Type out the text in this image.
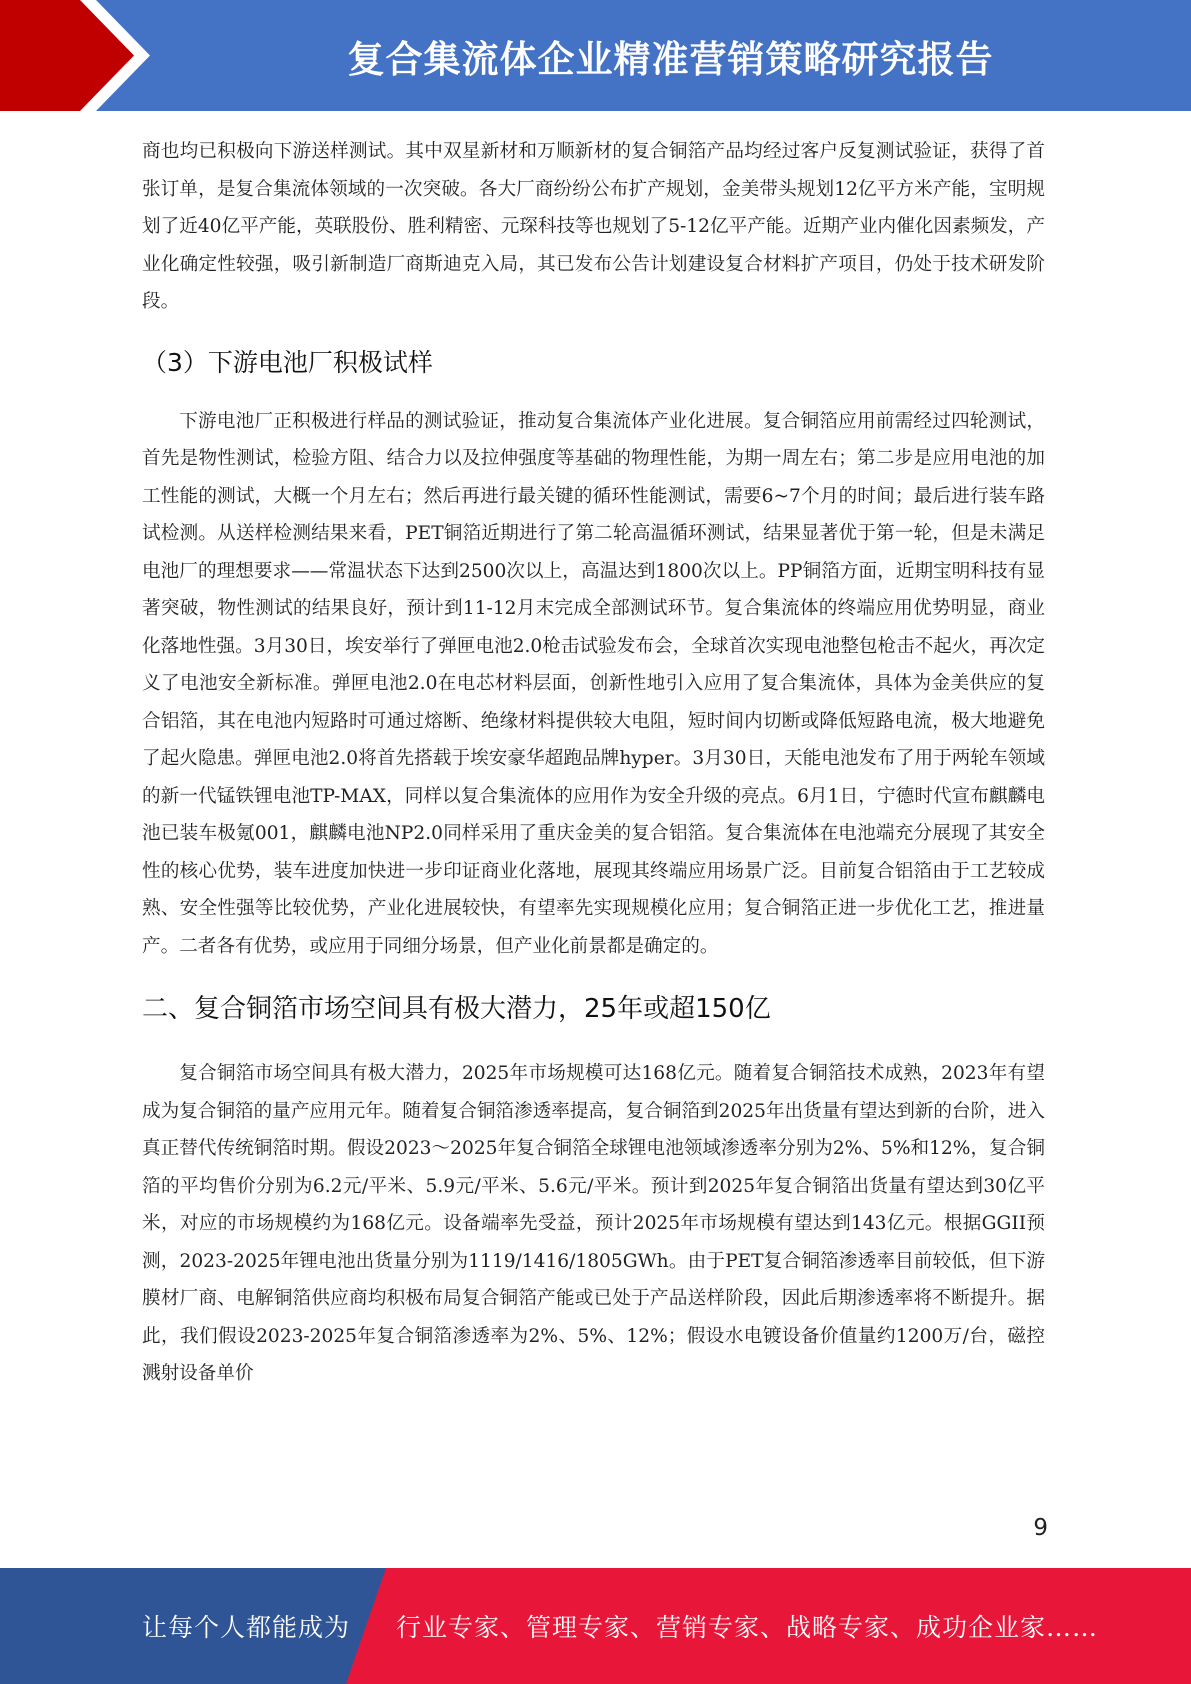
复合集流体企业精准营销策略研究报告

商也均已积极向下游送样测试。其中双星新材和万顺新材的复合铜箔产品均经过客户反复测试验证，获得了首张订单，是复合集流体领域的一次突破。各大厂商纷纷公布扩产规划，金美带头规划12亿平方米产能，宝明规划了近40亿平产能，英联股份、胜利精密、元琛科技等也规划了5-12亿平产能。近期产业内催化因素频发，产业化确定性较强，吸引新制造厂商斯迪克入局，其已发布公告计划建设复合材料扩产项目，仍处于技术研发阶段。

（3）下游电池厂积极试样

下游电池厂正积极进行样品的测试验证，推动复合集流体产业化进展。复合铜箔应用前需经过四轮测试，首先是物性测试，检验方阻、结合力以及拉伸强度等基础的物理性能，为期一周左右；第二步是应用电池的加工性能的测试，大概一个月左右；然后再进行最关键的循环性能测试，需要6~7个月的时间；最后进行装车路试检测。从送样检测结果来看，PET铜箔近期进行了第二轮高温循环测试，结果显著优于第一轮，但是未满足电池厂的理想要求——常温状态下达到2500次以上，高温达到1800次以上。PP铜箔方面，近期宝明科技有显著突破，物性测试的结果良好，预计到11-12月末完成全部测试环节。复合集流体的终端应用优势明显，商业化落地性强。3月30日，埃安举行了弹匣电池2.0枪击试验发布会，全球首次实现电池整包枪击不起火，再次定义了电池安全新标准。弹匣电池2.0在电芯材料层面，创新性地引入应用了复合集流体，具体为金美供应的复合铝箔，其在电池内短路时可通过熔断、绝缘材料提供较大电阻，短时间内切断或降低短路电流，极大地避免了起火隐患。弹匣电池2.0将首先搭载于埃安豪华超跑品牌hyper。3月30日，天能电池发布了用于两轮车领域的新一代锰铁锂电池TP-MAX，同样以复合集流体的应用作为安全升级的亮点。6月1日，宁德时代宣布麒麟电池已装车极氪001，麒麟电池NP2.0同样采用了重庆金美的复合铝箔。复合集流体在电池端充分展现了其安全性的核心优势，装车进度加快进一步印证商业化落地，展现其终端应用场景广泛。目前复合铝箔由于工艺较成熟、安全性强等比较优势，产业化进展较快，有望率先实现规模化应用；复合铜箔正进一步优化工艺，推进量产。二者各有优势，或应用于同细分场景，但产业化前景都是确定的。

二、复合铜箔市场空间具有极大潜力，25年或超150亿

复合铜箔市场空间具有极大潜力，2025年市场规模可达168亿元。随着复合铜箔技术成熟，2023年有望成为复合铜箔的量产应用元年。随着复合铜箔渗透率提高，复合铜箔到2025年出货量有望达到新的台阶，进入真正替代传统铜箔时期。假设2023～2025年复合铜箔全球锂电池领域渗透率分别为2%、5%和12%，复合铜箔的平均售价分别为6.2元/平米、5.9元/平米、5.6元/平米。预计到2025年复合铜箔出货量有望达到30亿平米，对应的市场规模约为168亿元。设备端率先受益，预计2025年市场规模有望达到143亿元。根据GGII预测，2023-2025年锂电池出货量分别为1119/1416/1805GWh。由于PET复合铜箔渗透率目前较低，但下游膜材厂商、电解铜箔供应商均积极布局复合铜箔产能或已处于产品送样阶段，因此后期渗透率将不断提升。据此，我们假设2023-2025年复合铜箔渗透率为2%、5%、12%；假设水电镀设备价值量约1200万/台，磁控溅射设备单价

9
让每个人都能成为 行业专家、管理专家、营销专家、战略专家、成功企业家……
